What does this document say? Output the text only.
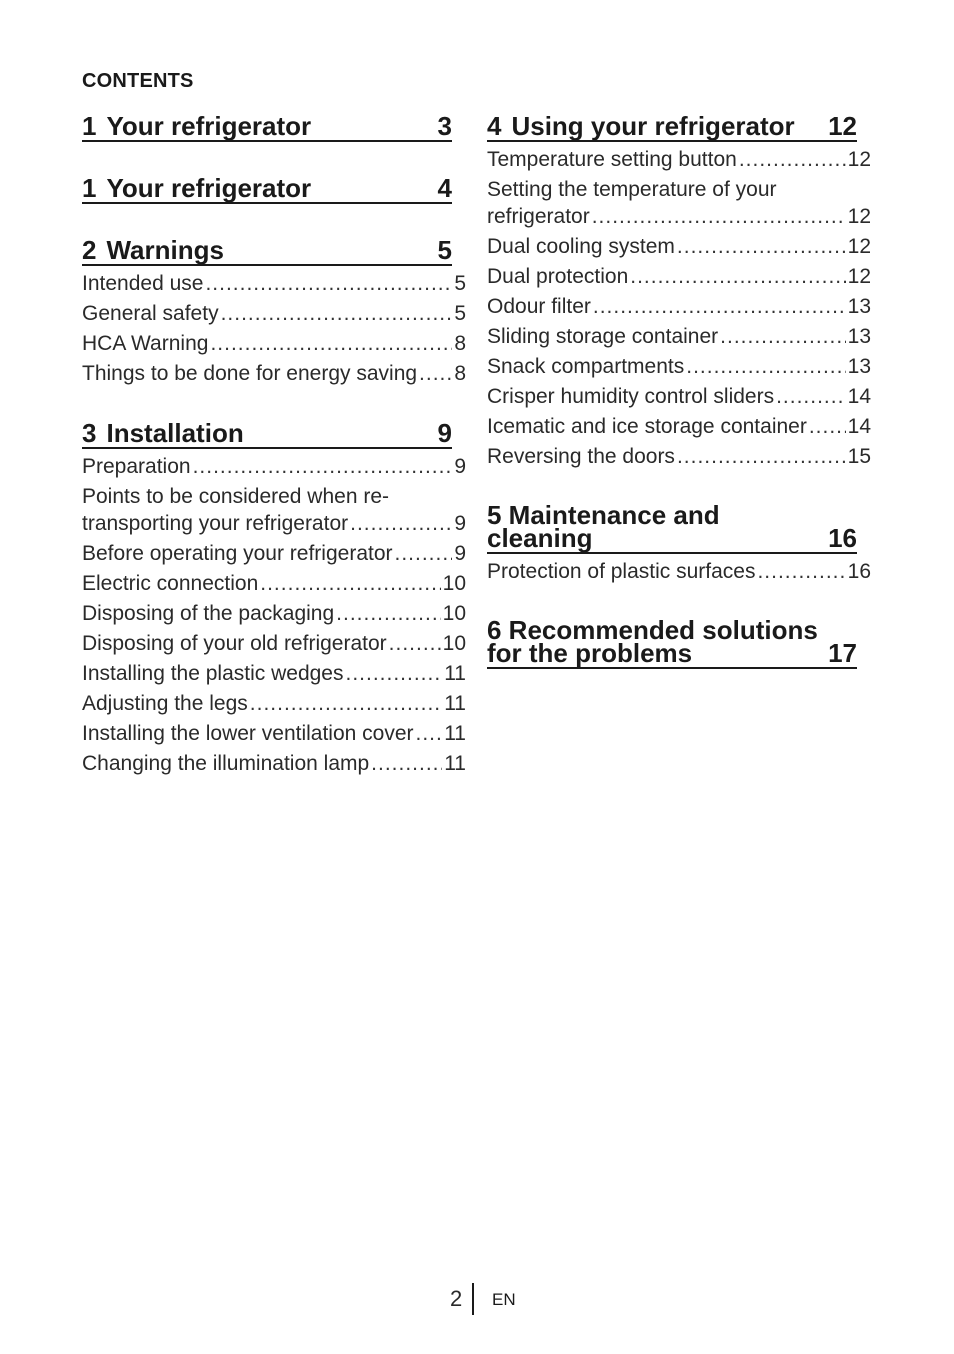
CONTENTS
1 Your refrigerator	3
1 Your refrigerator	4
2 Warnings	5
Intended use .....	5
General safety .....	5
HCA Warning .....	8
Things to be done for energy saving ..... 8
3 Installation	9
Preparation .....	9
Points to be considered when re-
transporting your refrigerator .....	9
Before operating your refrigerator .....	9
Electric connection .....	10
Disposing of the packaging .....	10
Disposing of your old refrigerator .....	10
Installing the plastic wedges .....	11
Adjusting the legs .....	11
Installing the lower ventilation cover ..... 11
Changing the illumination lamp .....	11
4 Using your refrigerator 12
Temperature setting button .....	12
Setting the temperature of your
refrigerator .....	12
Dual cooling system .....	12
Dual protection .....	12
Odour filter .....	13
Sliding storage container .....	13
Snack compartments .....	13
Crisper humidity control sliders .....	14
Icematic and ice storage container ..... 14
Reversing the doors .....	15
5 Maintenance and
cleaning	16
Protection of plastic surfaces .....	16
6 Recommended solutions
for the problems	17
2 EN
